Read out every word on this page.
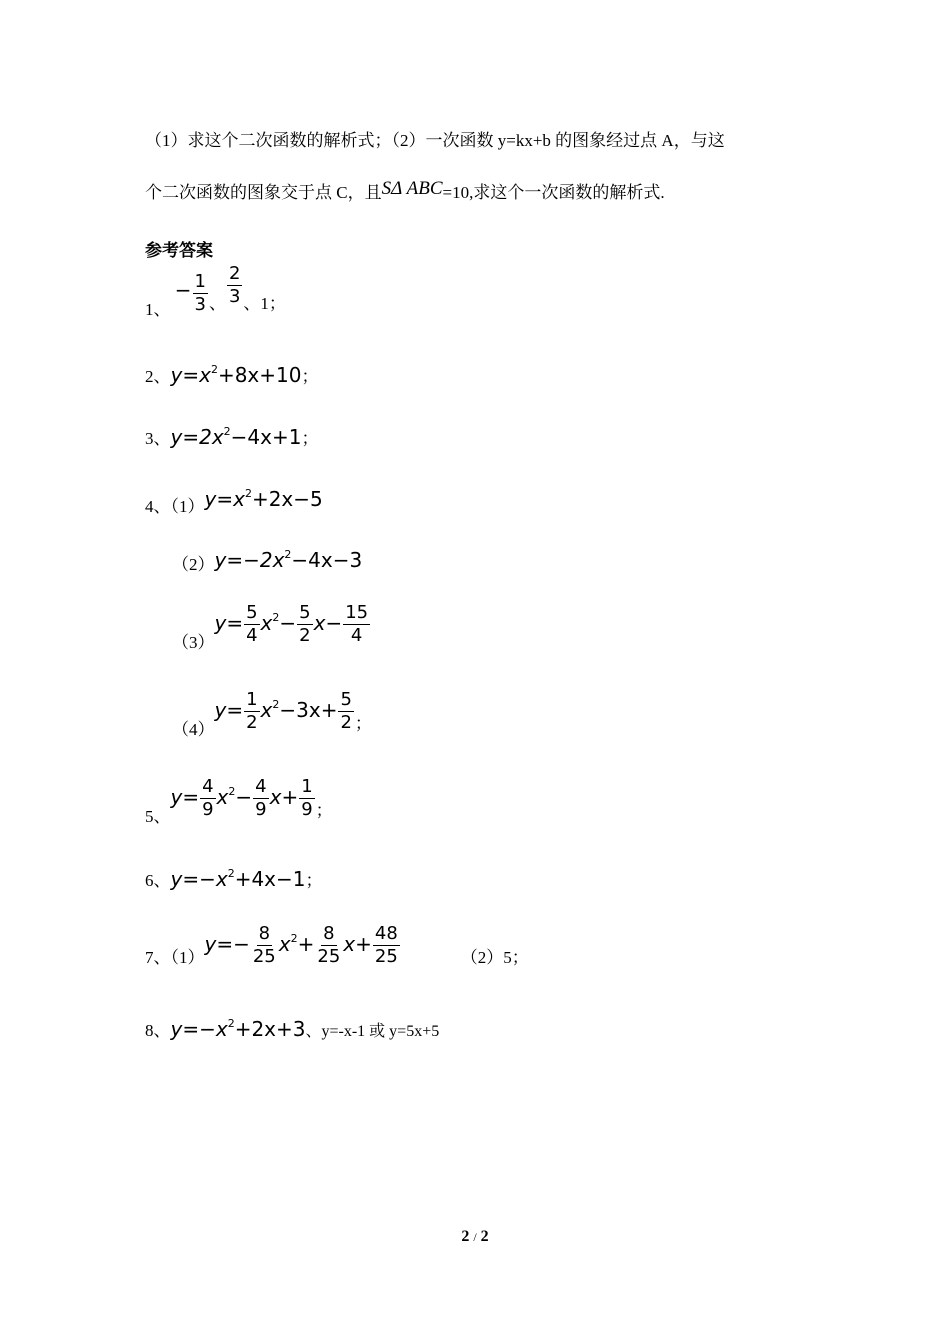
（1）求这个二次函数的解析式；（2）一次函数 y=kx+b 的图象经过点 A，与这
个二次函数的图象交于点 C，且SΔ ABC=10,求这个一次函数的解析式.
参考答案
1、 − $\frac{1}{3}$ 、 $\frac{2}{3}$ 、1；
2、$y=x^2+8x+10$；
3、$y=2x^2-4x+1$；
4、$(1)y=x^2+2x-5$
$(2)y=-2x^2-4x-3$
$(3)y= \frac{5}{4} x^2- \frac{5}{2} x- \frac{15}{4}$
$(4)y= \frac{1}{2} x^2-3x+ \frac{5}{2}$ ；
5、$y= \frac{4}{9} x^2- \frac{4}{9} x+ \frac{1}{9}$ ；
6、$y=-x^2+4x-1$；
7、$(1)y=- \frac{8}{25} x^2+ \frac{8}{25} x+ \frac{48}{25}$	（2）5；
8、$y=-x^2+2x+3$、y=-x-1 或 y=5x+5
2 / 2
